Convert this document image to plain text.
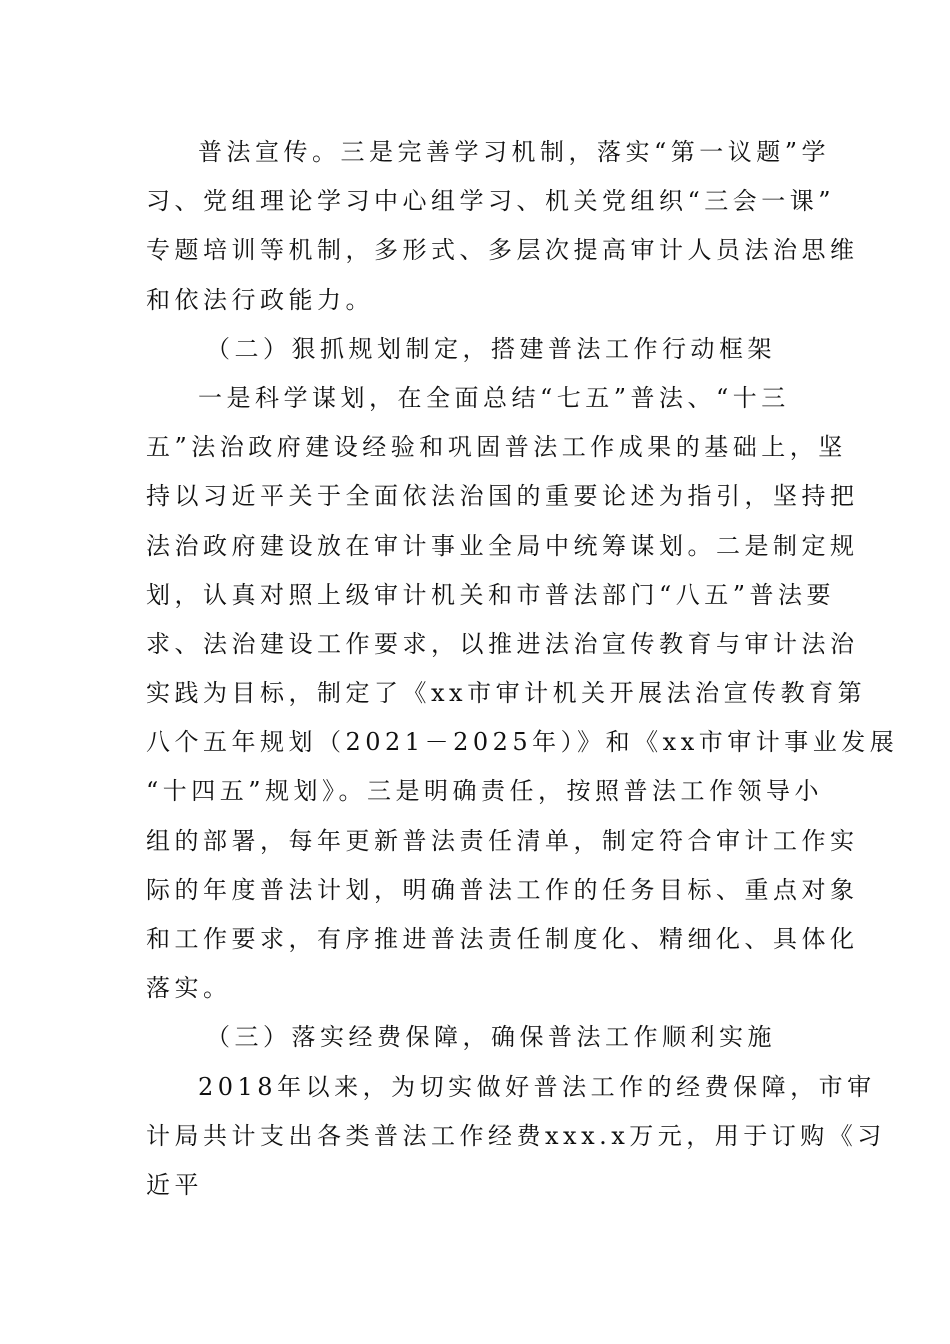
普法宣传。三是完善学习机制，落实“第一议题”学
习、党组理论学习中心组学习、机关党组织“三会一课”
专题培训等机制，多形式、多层次提高审计人员法治思维
和依法行政能力。
（二）狠抓规划制定，搭建普法工作行动框架
一是科学谋划，在全面总结“七五”普法、“十三
五”法治政府建设经验和巩固普法工作成果的基础上，坚
持以习近平关于全面依法治国的重要论述为指引，坚持把
法治政府建设放在审计事业全局中统筹谋划。二是制定规
划，认真对照上级审计机关和市普法部门“八五”普法要
求、法治建设工作要求，以推进法治宣传教育与审计法治
实践为目标，制定了《xx市审计机关开展法治宣传教育第
八个五年规划（2021－2025年）》和《xx市审计事业发展
“十四五”规划》。三是明确责任，按照普法工作领导小
组的部署，每年更新普法责任清单，制定符合审计工作实
际的年度普法计划，明确普法工作的任务目标、重点对象
和工作要求，有序推进普法责任制度化、精细化、具体化
落实。
（三）落实经费保障，确保普法工作顺利实施
2018年以来，为切实做好普法工作的经费保障，市审
计局共计支出各类普法工作经费xxx.x万元，用于订购《习
近平
